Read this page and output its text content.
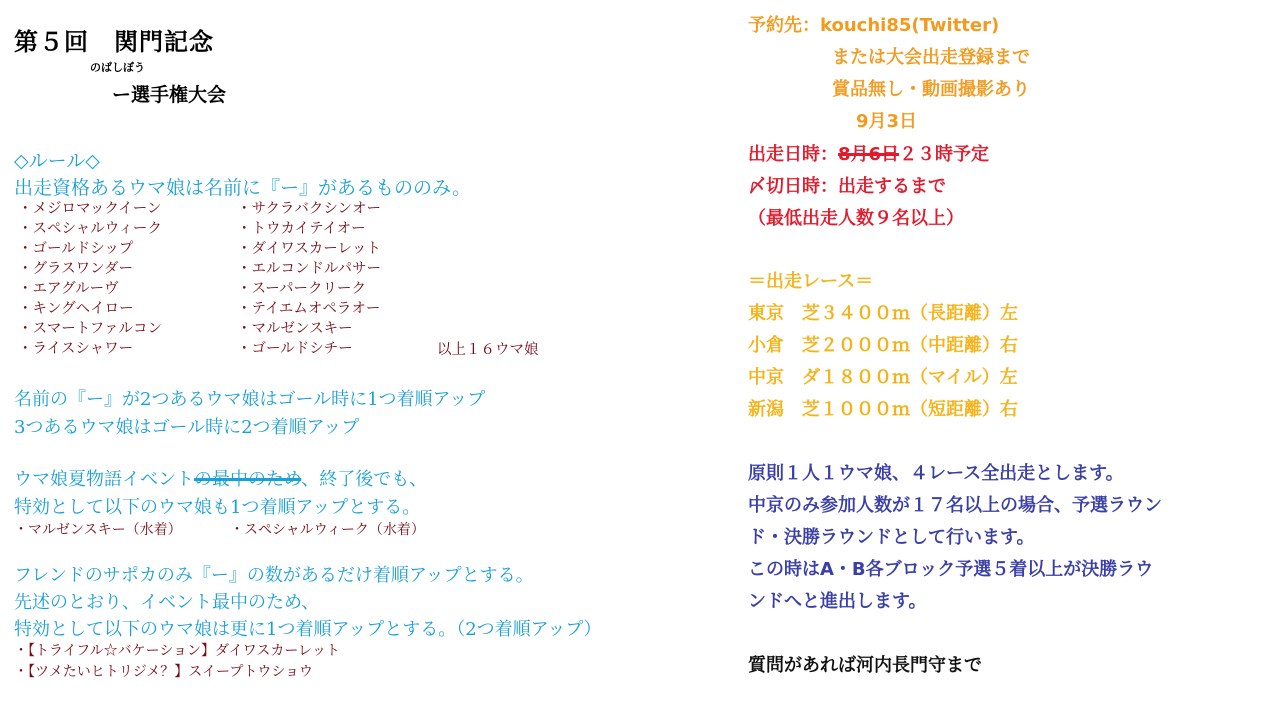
第５回　関門記念
のばしぼう
ー選手権大会
◇ルール◇
出走資格あるウマ娘は名前に『ー』があるもののみ。
・メジロマックイーン
・スペシャルウィーク
・ゴールドシップ
・グラスワンダー
・エアグルーヴ
・キングヘイロー
・スマートファルコン
・ライスシャワー
・サクラバクシンオー
・トウカイテイオー
・ダイワスカーレット
・エルコンドルパサー
・スーパークリーク
・テイエムオペラオー
・マルゼンスキー
・ゴールドシチー	以上１６ウマ娘
名前の『ー』が2つあるウマ娘はゴール時に1つ着順アップ
3つあるウマ娘はゴール時に2つ着順アップ
ウマ娘夏物語イベントの最中のため、終了後でも、
特効として以下のウマ娘も1つ着順アップとする。
・マルゼンスキー（水着）	・スペシャルウィーク（水着）
フレンドのサポカのみ『ー』の数があるだけ着順アップとする。
先述のとおり、イベント最中のため、
特効として以下のウマ娘は更に1つ着順アップとする。（2つ着順アップ）
・【トライフル☆バケーション】ダイワスカーレット
・【ツメたいヒトリジメ？】スイープトウショウ
予約先：kouchi85(Twitter)
または大会出走登録まで
賞品無し・動画撮影あり
9月3日
出走日時：8月6日２３時予定
〆切日時：出走するまで
（最低出走人数９名以上）
＝出走レース＝
東京　芝３４００ｍ（長距離）左
小倉　芝２０００ｍ（中距離）右
中京　ダ１８００ｍ（マイル）左
新潟　芝１０００ｍ（短距離）右
原則１人１ウマ娘、４レース全出走とします。
中京のみ参加人数が１７名以上の場合、予選ラウン
ド・決勝ラウンドとして行います。
この時はA・B各ブロック予選５着以上が決勝ラウ
ンドへと進出します。
質問があれば河内長門守まで
